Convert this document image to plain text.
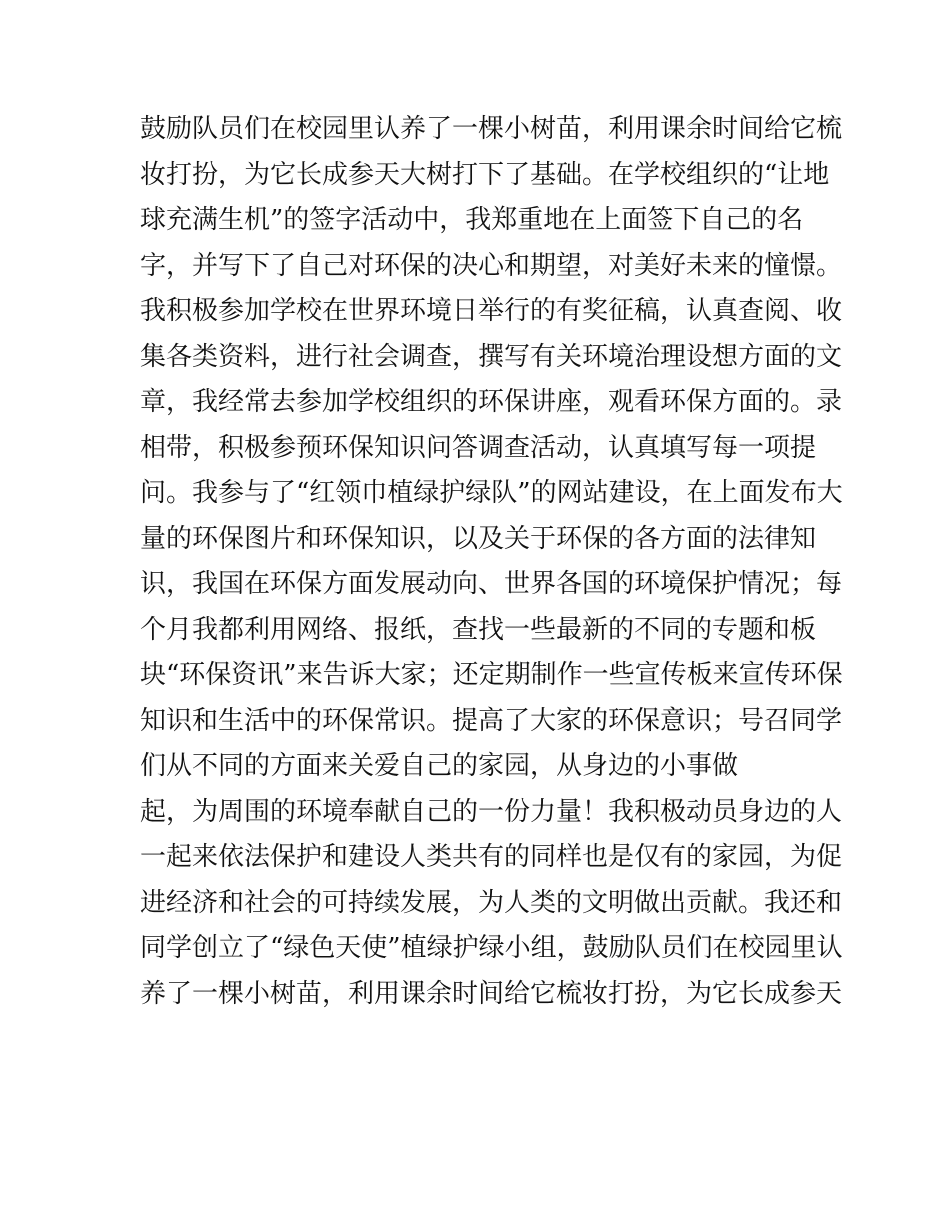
鼓励队员们在校园里认养了一棵小树苗，利用课余时间给它梳
妆打扮，为它长成参天大树打下了基础。在学校组织的“让地
球充满生机”的签字活动中，我郑重地在上面签下自己的名
字，并写下了自己对环保的决心和期望，对美好未来的憧憬。
我积极参加学校在世界环境日举行的有奖征稿，认真查阅、收
集各类资料，进行社会调查，撰写有关环境治理设想方面的文
章，我经常去参加学校组织的环保讲座，观看环保方面的。录
相带，积极参预环保知识问答调查活动，认真填写每一项提
问。我参与了“红领巾植绿护绿队”的网站建设，在上面发布大
量的环保图片和环保知识，以及关于环保的各方面的法律知
识，我国在环保方面发展动向、世界各国的环境保护情况；每
个月我都利用网络、报纸，查找一些最新的不同的专题和板
块“环保资讯”来告诉大家；还定期制作一些宣传板来宣传环保
知识和生活中的环保常识。提高了大家的环保意识；号召同学
们从不同的方面来关爱自己的家园，从身边的小事做
起，为周围的环境奉献自己的一份力量！我积极动员身边的人
一起来依法保护和建设人类共有的同样也是仅有的家园，为促
进经济和社会的可持续发展，为人类的文明做出贡献。我还和
同学创立了“绿色天使”植绿护绿小组，鼓励队员们在校园里认
养了一棵小树苗，利用课余时间给它梳妆打扮，为它长成参天
